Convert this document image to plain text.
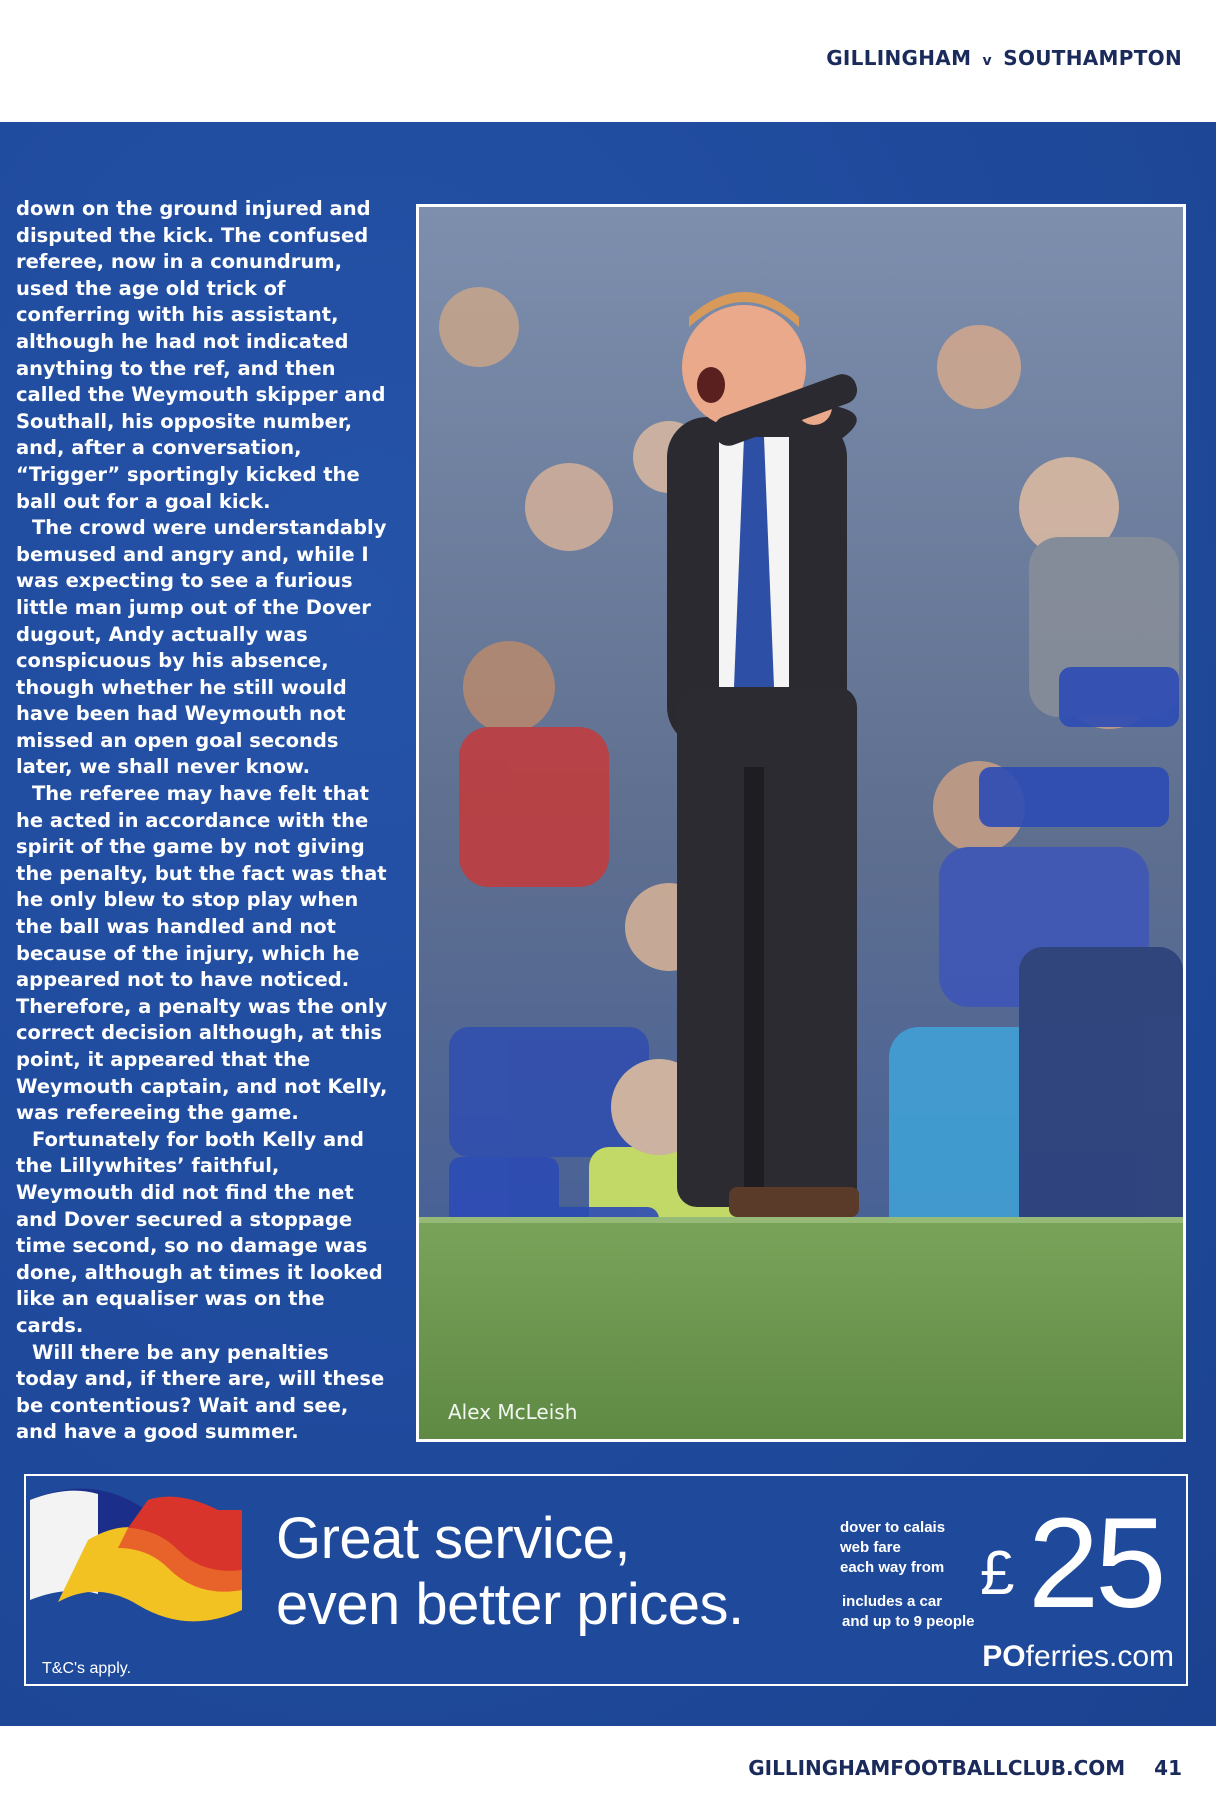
GILLINGHAM v SOUTHAMPTON

down on the ground injured and disputed the kick. The confused referee, now in a conundrum, used the age old trick of conferring with his assistant, although he had not indicated anything to the ref, and then called the Weymouth skipper and Southall, his opposite number, and, after a conversation, “Trigger” sportingly kicked the ball out for a goal kick.

The crowd were understandably bemused and angry and, while I was expecting to see a furious little man jump out of the Dover dugout, Andy actually was conspicuous by his absence, though whether he still would have been had Weymouth not missed an open goal seconds later, we shall never know.

The referee may have felt that he acted in accordance with the spirit of the game by not giving the penalty, but the fact was that he only blew to stop play when the ball was handled and not because of the injury, which he appeared not to have noticed. Therefore, a penalty was the only correct decision although, at this point, it appeared that the Weymouth captain, and not Kelly, was refereeing the game.

Fortunately for both Kelly and the Lillywhites’ faithful, Weymouth did not find the net and Dover secured a stoppage time second, so no damage was done, although at times it looked like an equaliser was on the cards.

Will there be any penalties today and, if there are, will these be contentious? Wait and see, and have a good summer.

Alex McLeish
Great service,
even better prices.
dover to calais
web fare
each way from
includes a car
and up to 9 people
£ 25
POferries.com
T&C's apply.
GILLINGHAMFOOTBALLCLUB.COM 41
